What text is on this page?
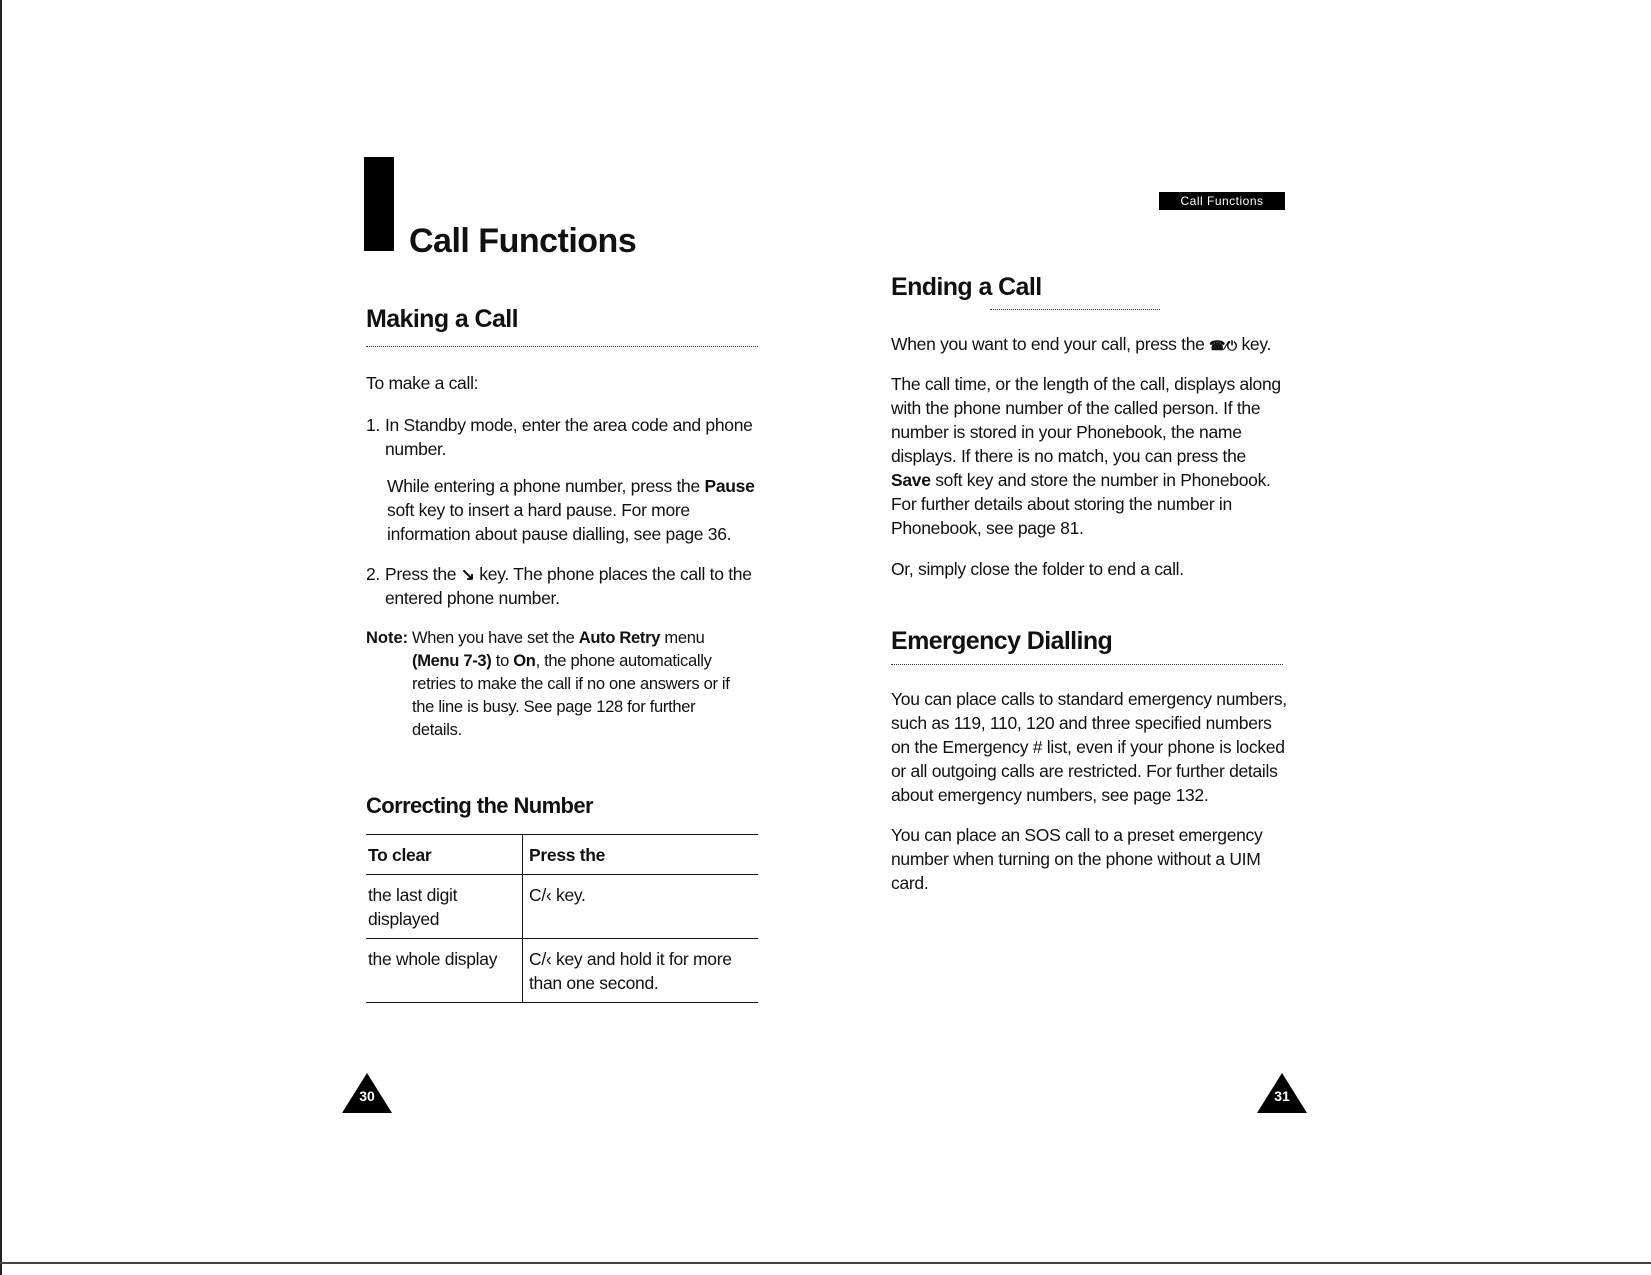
Call Functions
Making a Call
To make a call:
1. In Standby mode, enter the area code and phone
number.
While entering a phone number, press the Pause
soft key to insert a hard pause. For more
information about pause dialling, see page 36.
2. Press the ↘ key. The phone places the call to the
entered phone number.
Note: When you have set the Auto Retry menu
(Menu 7-3) to On, the phone automatically
retries to make the call if no one answers or if
the line is busy. See page 128 for further
details.
Correcting the Number
To clear	Press the
the last digit
displayed
C/‹ key.
the whole display C/‹ key and hold it for more
than one second.
30
Call Functions
Ending a Call
When you want to end your call, press the ☎⁄⏻ key.
The call time, or the length of the call, displays along
with the phone number of the called person. If the
number is stored in your Phonebook, the name
displays. If there is no match, you can press the
Save soft key and store the number in Phonebook.
For further details about storing the number in
Phonebook, see page 81.
Or, simply close the folder to end a call.
Emergency Dialling
You can place calls to standard emergency numbers,
such as 119, 110, 120 and three specified numbers
on the Emergency # list, even if your phone is locked
or all outgoing calls are restricted. For further details
about emergency numbers, see page 132.
You can place an SOS call to a preset emergency
number when turning on the phone without a UIM
card.
31
